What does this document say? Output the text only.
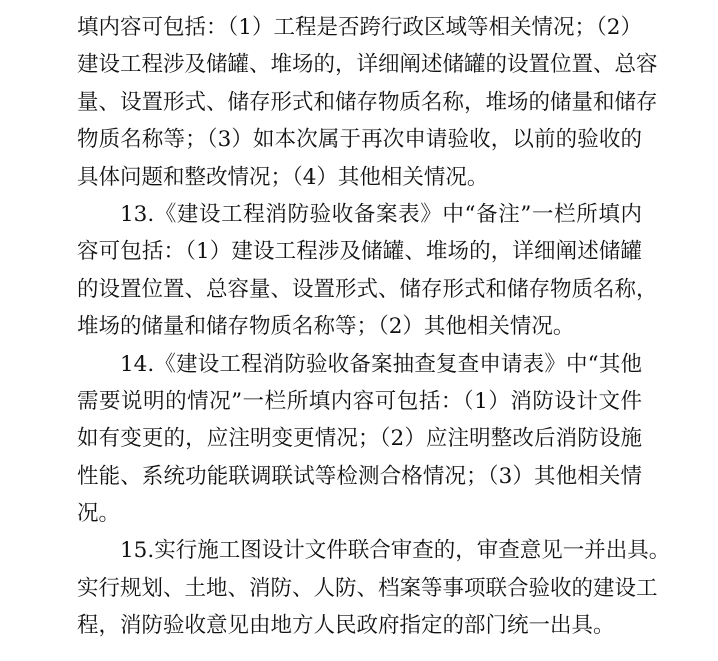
填内容可包括：（1）工程是否跨行政区域等相关情况；（2）
建设工程涉及储罐、堆场的，详细阐述储罐的设置位置、总容
量、设置形式、储存形式和储存物质名称，堆场的储量和储存
物质名称等；（3）如本次属于再次申请验收，以前的验收的
具体问题和整改情况；（4）其他相关情况。
13.《建设工程消防验收备案表》中“备注”一栏所填内
容可包括：（1）建设工程涉及储罐、堆场的，详细阐述储罐
的设置位置、总容量、设置形式、储存形式和储存物质名称，
堆场的储量和储存物质名称等；（2）其他相关情况。
14.《建设工程消防验收备案抽查复查申请表》中“其他
需要说明的情况”一栏所填内容可包括：（1）消防设计文件
如有变更的，应注明变更情况；（2）应注明整改后消防设施
性能、系统功能联调联试等检测合格情况；（3）其他相关情
况。
15.实行施工图设计文件联合审查的，审查意见一并出具。
实行规划、土地、消防、人防、档案等事项联合验收的建设工
程，消防验收意见由地方人民政府指定的部门统一出具。
